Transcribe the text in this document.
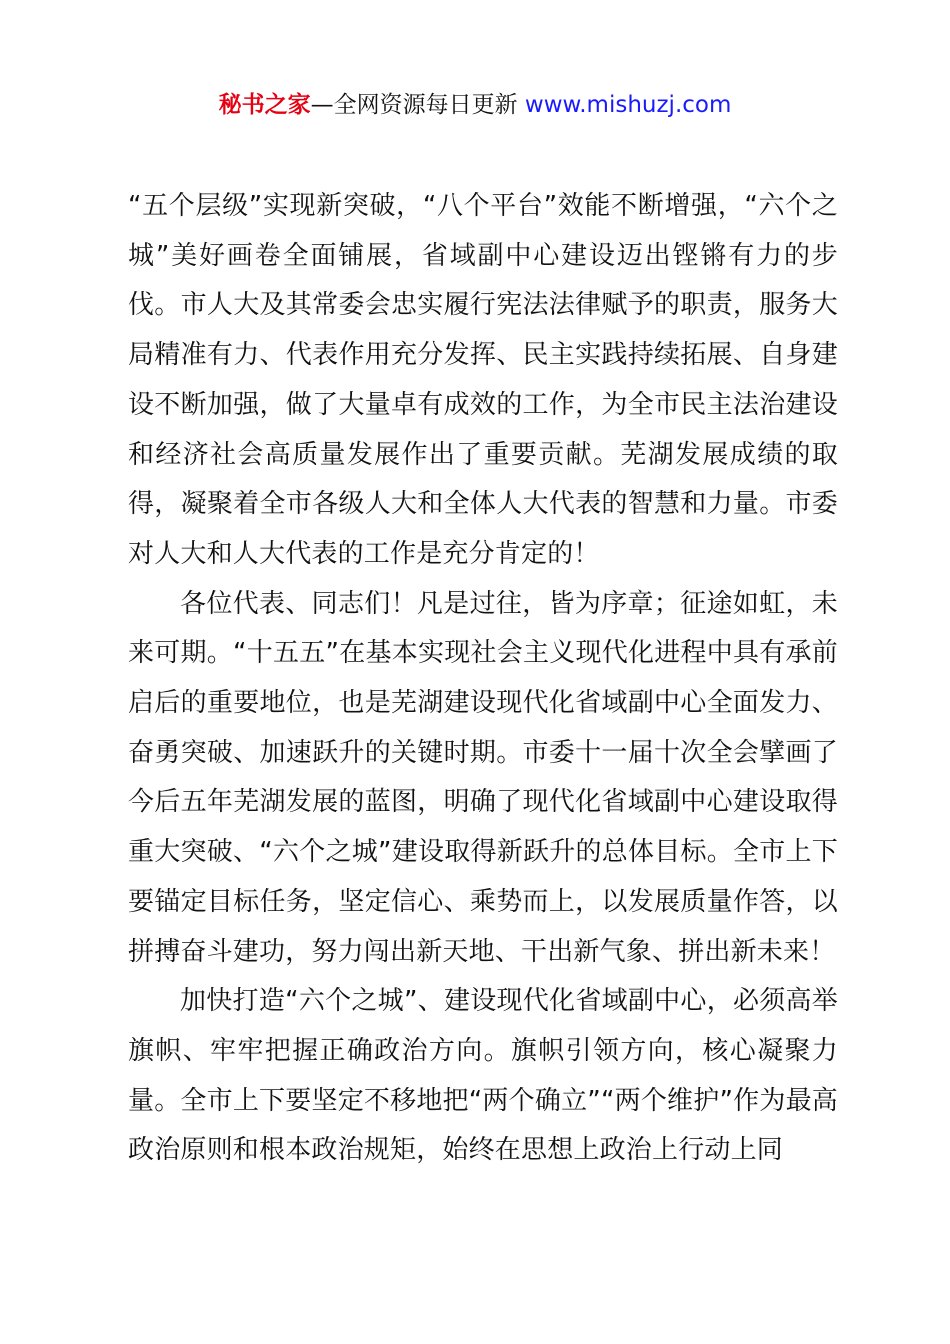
秘书之家—全网资源每日更新 www.mishuzj.com

“五个层级”实现新突破，“八个平台”效能不断增强，“六个之城”美好画卷全面铺展，省域副中心建设迈出铿锵有力的步伐。市人大及其常委会忠实履行宪法法律赋予的职责，服务大局精准有力、代表作用充分发挥、民主实践持续拓展、自身建设不断加强，做了大量卓有成效的工作，为全市民主法治建设和经济社会高质量发展作出了重要贡献。芜湖发展成绩的取得，凝聚着全市各级人大和全体人大代表的智慧和力量。市委对人大和人大代表的工作是充分肯定的！

各位代表、同志们！凡是过往，皆为序章；征途如虹，未来可期。“十五五”在基本实现社会主义现代化进程中具有承前启后的重要地位，也是芜湖建设现代化省域副中心全面发力、奋勇突破、加速跃升的关键时期。市委十一届十次全会擘画了今后五年芜湖发展的蓝图，明确了现代化省域副中心建设取得重大突破、“六个之城”建设取得新跃升的总体目标。全市上下要锚定目标任务，坚定信心、乘势而上，以发展质量作答，以拼搏奋斗建功，努力闯出新天地、干出新气象、拼出新未来！

加快打造“六个之城”、建设现代化省域副中心，必须高举旗帜、牢牢把握正确政治方向。旗帜引领方向，核心凝聚力量。全市上下要坚定不移地把“两个确立”“两个维护”作为最高政治原则和根本政治规矩，始终在思想上政治上行动上同
